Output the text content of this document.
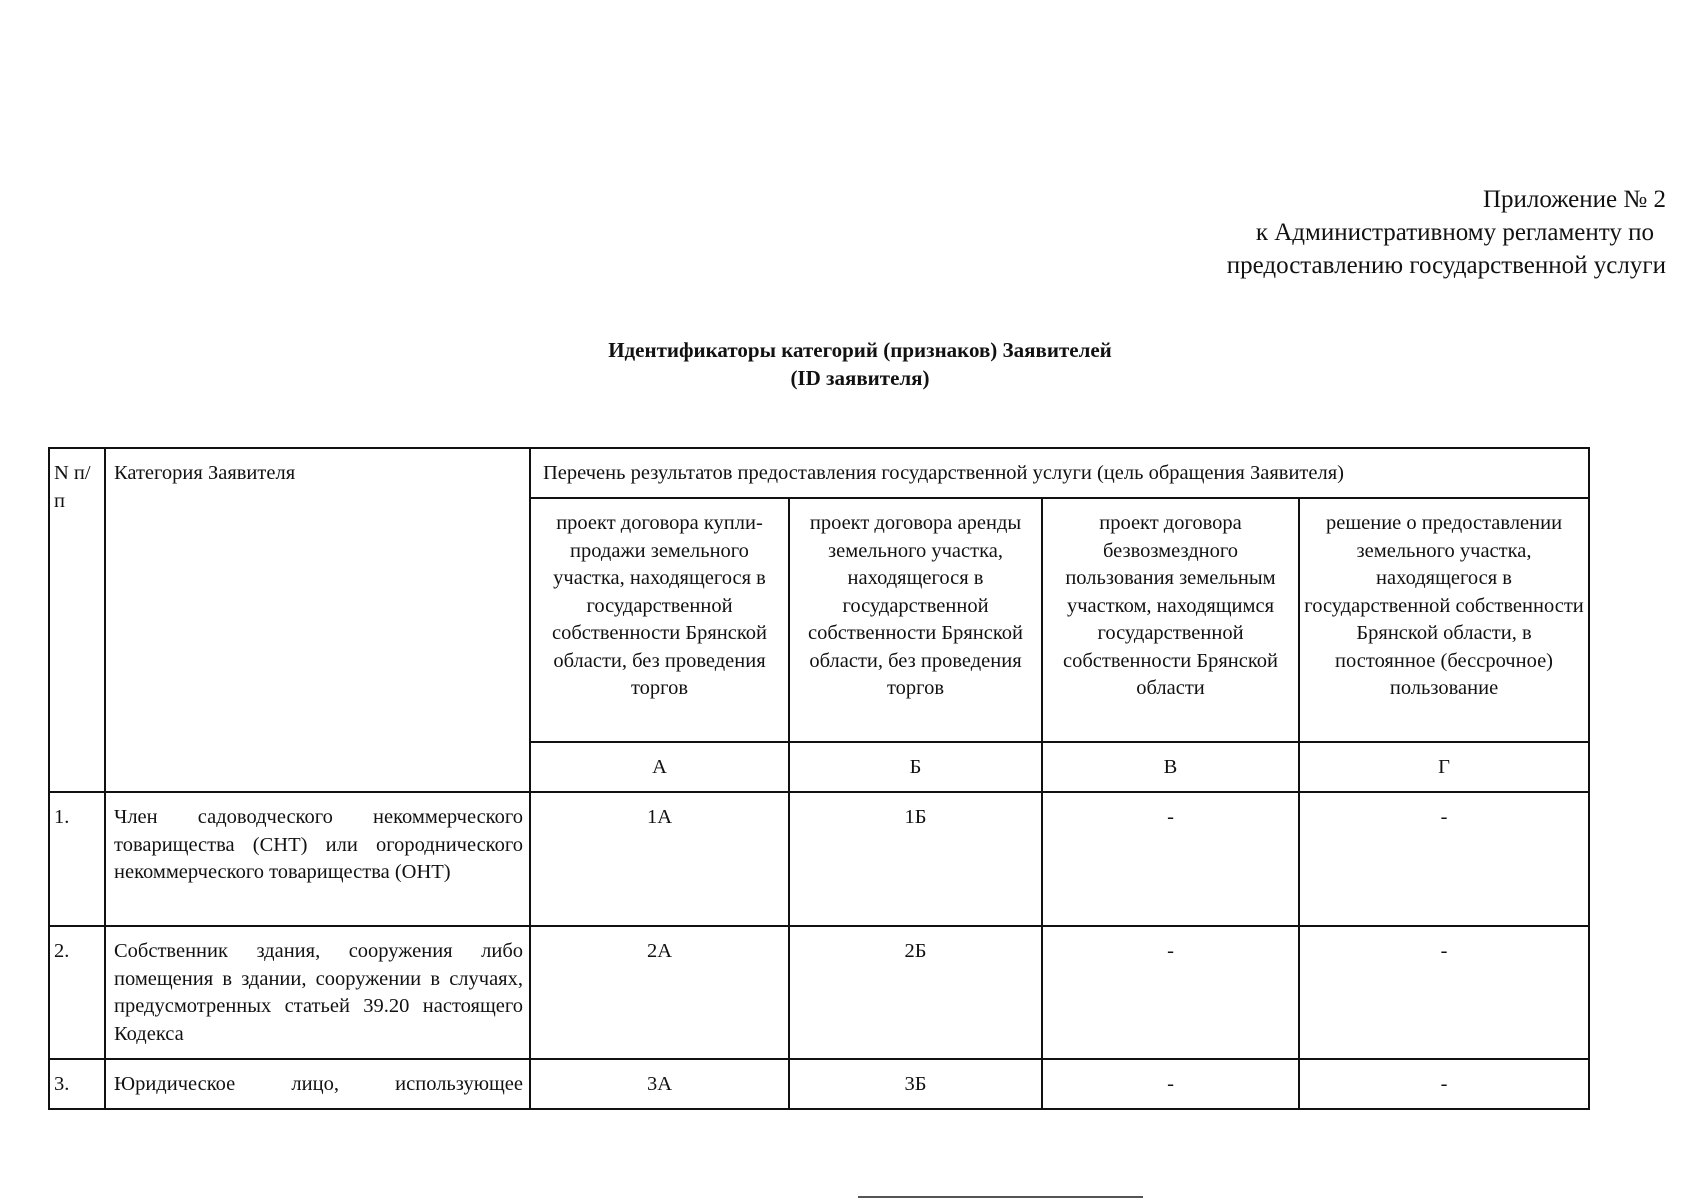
Приложение № 2
к Административному регламенту по
предоставлению государственной услуги
Идентификаторы категорий (признаков) Заявителей
(ID заявителя)
N п/п	Категория Заявителя	Перечень результатов предоставления государственной услуги (цель обращения Заявителя)			
		проект договора купли-продажи земельного участка, находящегося в государственной собственности Брянской области, без проведения торгов	проект договора аренды земельного участка, находящегося в государственной собственности Брянской области, без проведения торгов	проект договора безвозмездного пользования земельным участком, находящимся государственной собственности Брянской области	решение о предоставлении земельного участка, находящегося в государственной собственности Брянской области, в постоянное (бессрочное) пользование
		А	Б	В	Г
1.	Член садоводческого некоммерческого товарищества (СНТ) или огороднического некоммерческого товарищества (ОНТ)	1А	1Б	-	-
2.	Собственник здания, сооружения либо помещения в здании, сооружении в случаях, предусмотренных статьей 39.20 настоящего Кодекса	2А	2Б	-	-
3.	Юридическое лицо, использующее	3А	3Б	-	-
